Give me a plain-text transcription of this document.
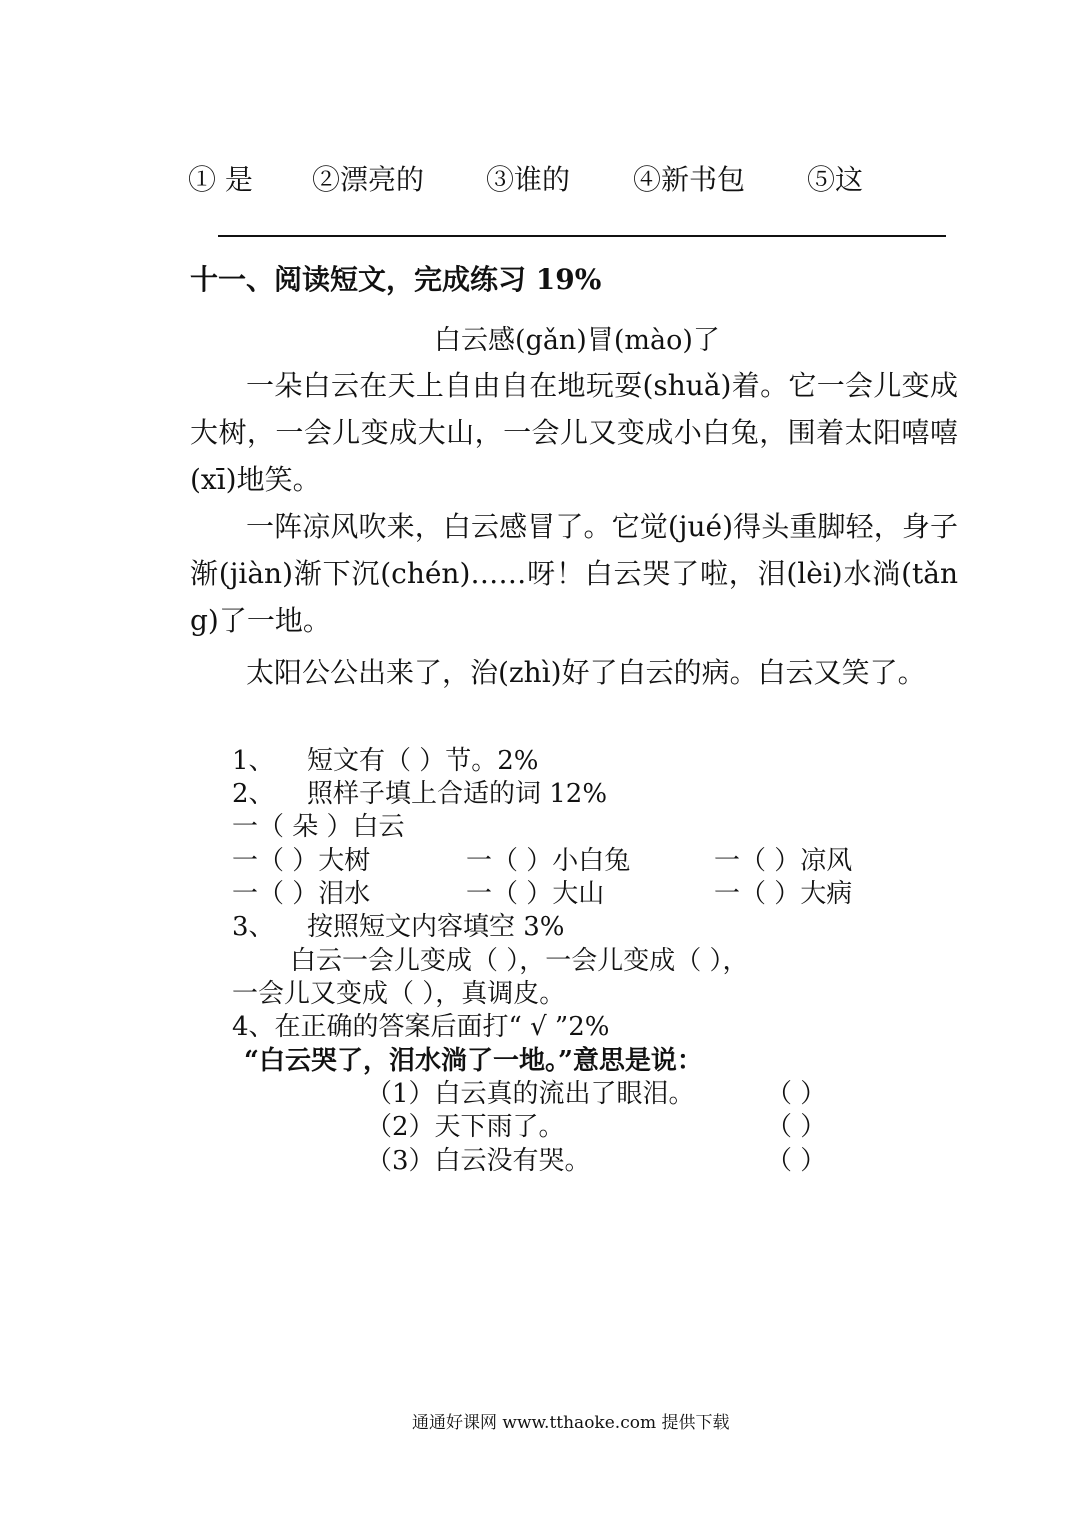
① 是 ②漂亮的 ③谁的 ④新书包 ⑤这
十一、阅读短文，完成练习 19%
白云感(gǎn)冒(mào)了
一朵白云在天上自由自在地玩耍(shuǎ)着。它一会儿变成大树，一会儿变成大山，一会儿又变成小白兔，围着太阳嘻嘻(xī)地笑。
一阵凉风吹来，白云感冒了。它觉(jué)得头重脚轻，身子渐(jiàn)渐下沉(chén)……呀！白云哭了啦，泪(lèi)水淌(tǎng)了一地。
太阳公公出来了，治(zhì)好了白云的病。白云又笑了。
1、 短文有（ ）节。2%
2、 照样子填上合适的词 12%
一（ 朵 ）白云
一（ ）大树	一（ ）小白兔	一（ ）凉风
一（ ）泪水	一（ ）大山	一（ ）大病
3、 按照短文内容填空 3%
白云一会儿变成（ ），一会儿变成（ ），
一会儿又变成（ ），真调皮。
4、在正确的答案后面打“ √ ”2%
“白云哭了，泪水淌了一地。”意思是说：
（1）白云真的流出了眼泪。	（ ）
（2）天下雨了。	（ ）
（3）白云没有哭。	（ ）
通通好课网 www.tthaoke.com 提供下载
